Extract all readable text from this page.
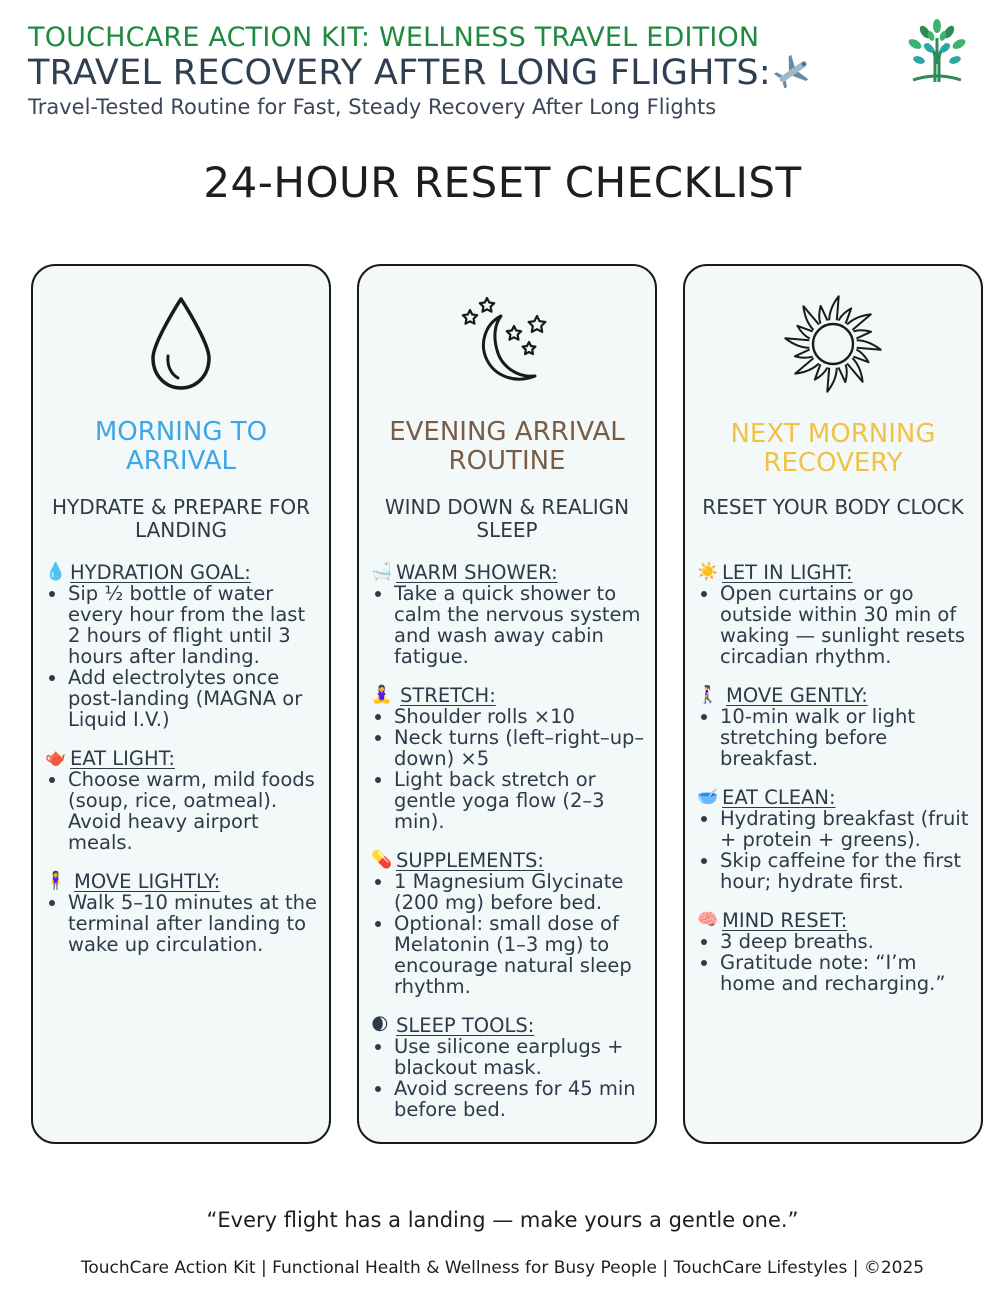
TOUCHCARE ACTION KIT: WELLNESS TRAVEL EDITION
TRAVEL RECOVERY AFTER LONG FLIGHTS:
Travel-Tested Routine for Fast, Steady Recovery After Long Flights
24-HOUR RESET CHECKLIST
MORNING TO ARRIVAL
HYDRATE & PREPARE FOR LANDING
💧 HYDRATION GOAL:
• Sip ½ bottle of water every hour from the last 2 hours of flight until 3 hours after landing.
• Add electrolytes once post-landing (MAGNA or Liquid I.V.)
🫖 EAT LIGHT:
• Choose warm, mild foods (soup, rice, oatmeal). Avoid heavy airport meals.
🧍‍♀️ MOVE LIGHTLY:
• Walk 5–10 minutes at the terminal after landing to wake up circulation.
EVENING ARRIVAL ROUTINE
WIND DOWN & REALIGN SLEEP
🛁 WARM SHOWER:
• Take a quick shower to calm the nervous system and wash away cabin fatigue.
🧘‍♀️ STRETCH:
• Shoulder rolls ×10
• Neck turns (left–right–up–down) ×5
• Light back stretch or gentle yoga flow (2–3 min).
💊 SUPPLEMENTS:
• 1 Magnesium Glycinate (200 mg) before bed.
• Optional: small dose of Melatonin (1–3 mg) to encourage natural sleep rhythm.
🌒 SLEEP TOOLS:
• Use silicone earplugs + blackout mask.
• Avoid screens for 45 min before bed.
NEXT MORNING RECOVERY
RESET YOUR BODY CLOCK
☀️ LET IN LIGHT:
• Open curtains or go outside within 30 min of waking — sunlight resets circadian rhythm.
🚶‍♀️ MOVE GENTLY:
• 10-min walk or light stretching before breakfast.
🥣 EAT CLEAN:
• Hydrating breakfast (fruit + protein + greens).
• Skip caffeine for the first hour; hydrate first.
🧠 MIND RESET:
• 3 deep breaths.
• Gratitude note: “I’m home and recharging.”
“Every flight has a landing — make yours a gentle one.”
TouchCare Action Kit | Functional Health & Wellness for Busy People | TouchCare Lifestyles | ©2025
